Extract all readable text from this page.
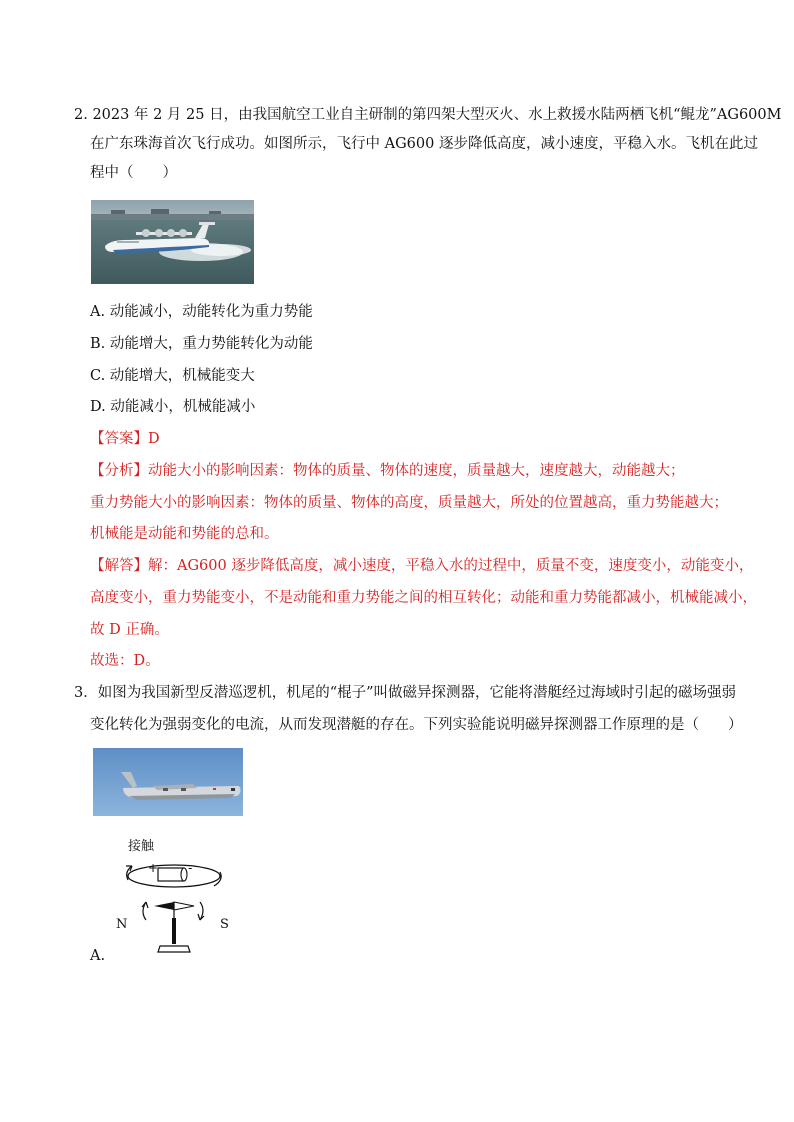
2. 2023 年 2 月 25 日，由我国航空工业自主研制的第四架大型灭火、水上救援水陆两栖飞机“鲲龙”AG600M
在广东珠海首次飞行成功。如图所示，飞行中 AG600 逐步降低高度，减小速度，平稳入水。飞机在此过
程中（　　）
A. 动能减小，动能转化为重力势能
B. 动能增大，重力势能转化为动能
C. 动能增大，机械能变大
D. 动能减小，机械能减小
【答案】D
【分析】动能大小的影响因素：物体的质量、物体的速度，质量越大，速度越大，动能越大；
重力势能大小的影响因素：物体的质量、物体的高度，质量越大，所处的位置越高，重力势能越大；
机械能是动能和势能的总和。
【解答】解：AG600 逐步降低高度，减小速度，平稳入水的过程中，质量不变，速度变小，动能变小，
高度变小，重力势能变小，不是动能和重力势能之间的相互转化；动能和重力势能都减小，机械能减小，
故 D 正确。
故选：D。
3．如图为我国新型反潜巡逻机，机尾的“棍子”叫做磁异探测器，它能将潜艇经过海域时引起的磁场强弱
变化转化为强弱变化的电流，从而发现潜艇的存在。下列实验能说明磁异探测器工作原理的是（　　）
接触
+ -
N	S
A.
